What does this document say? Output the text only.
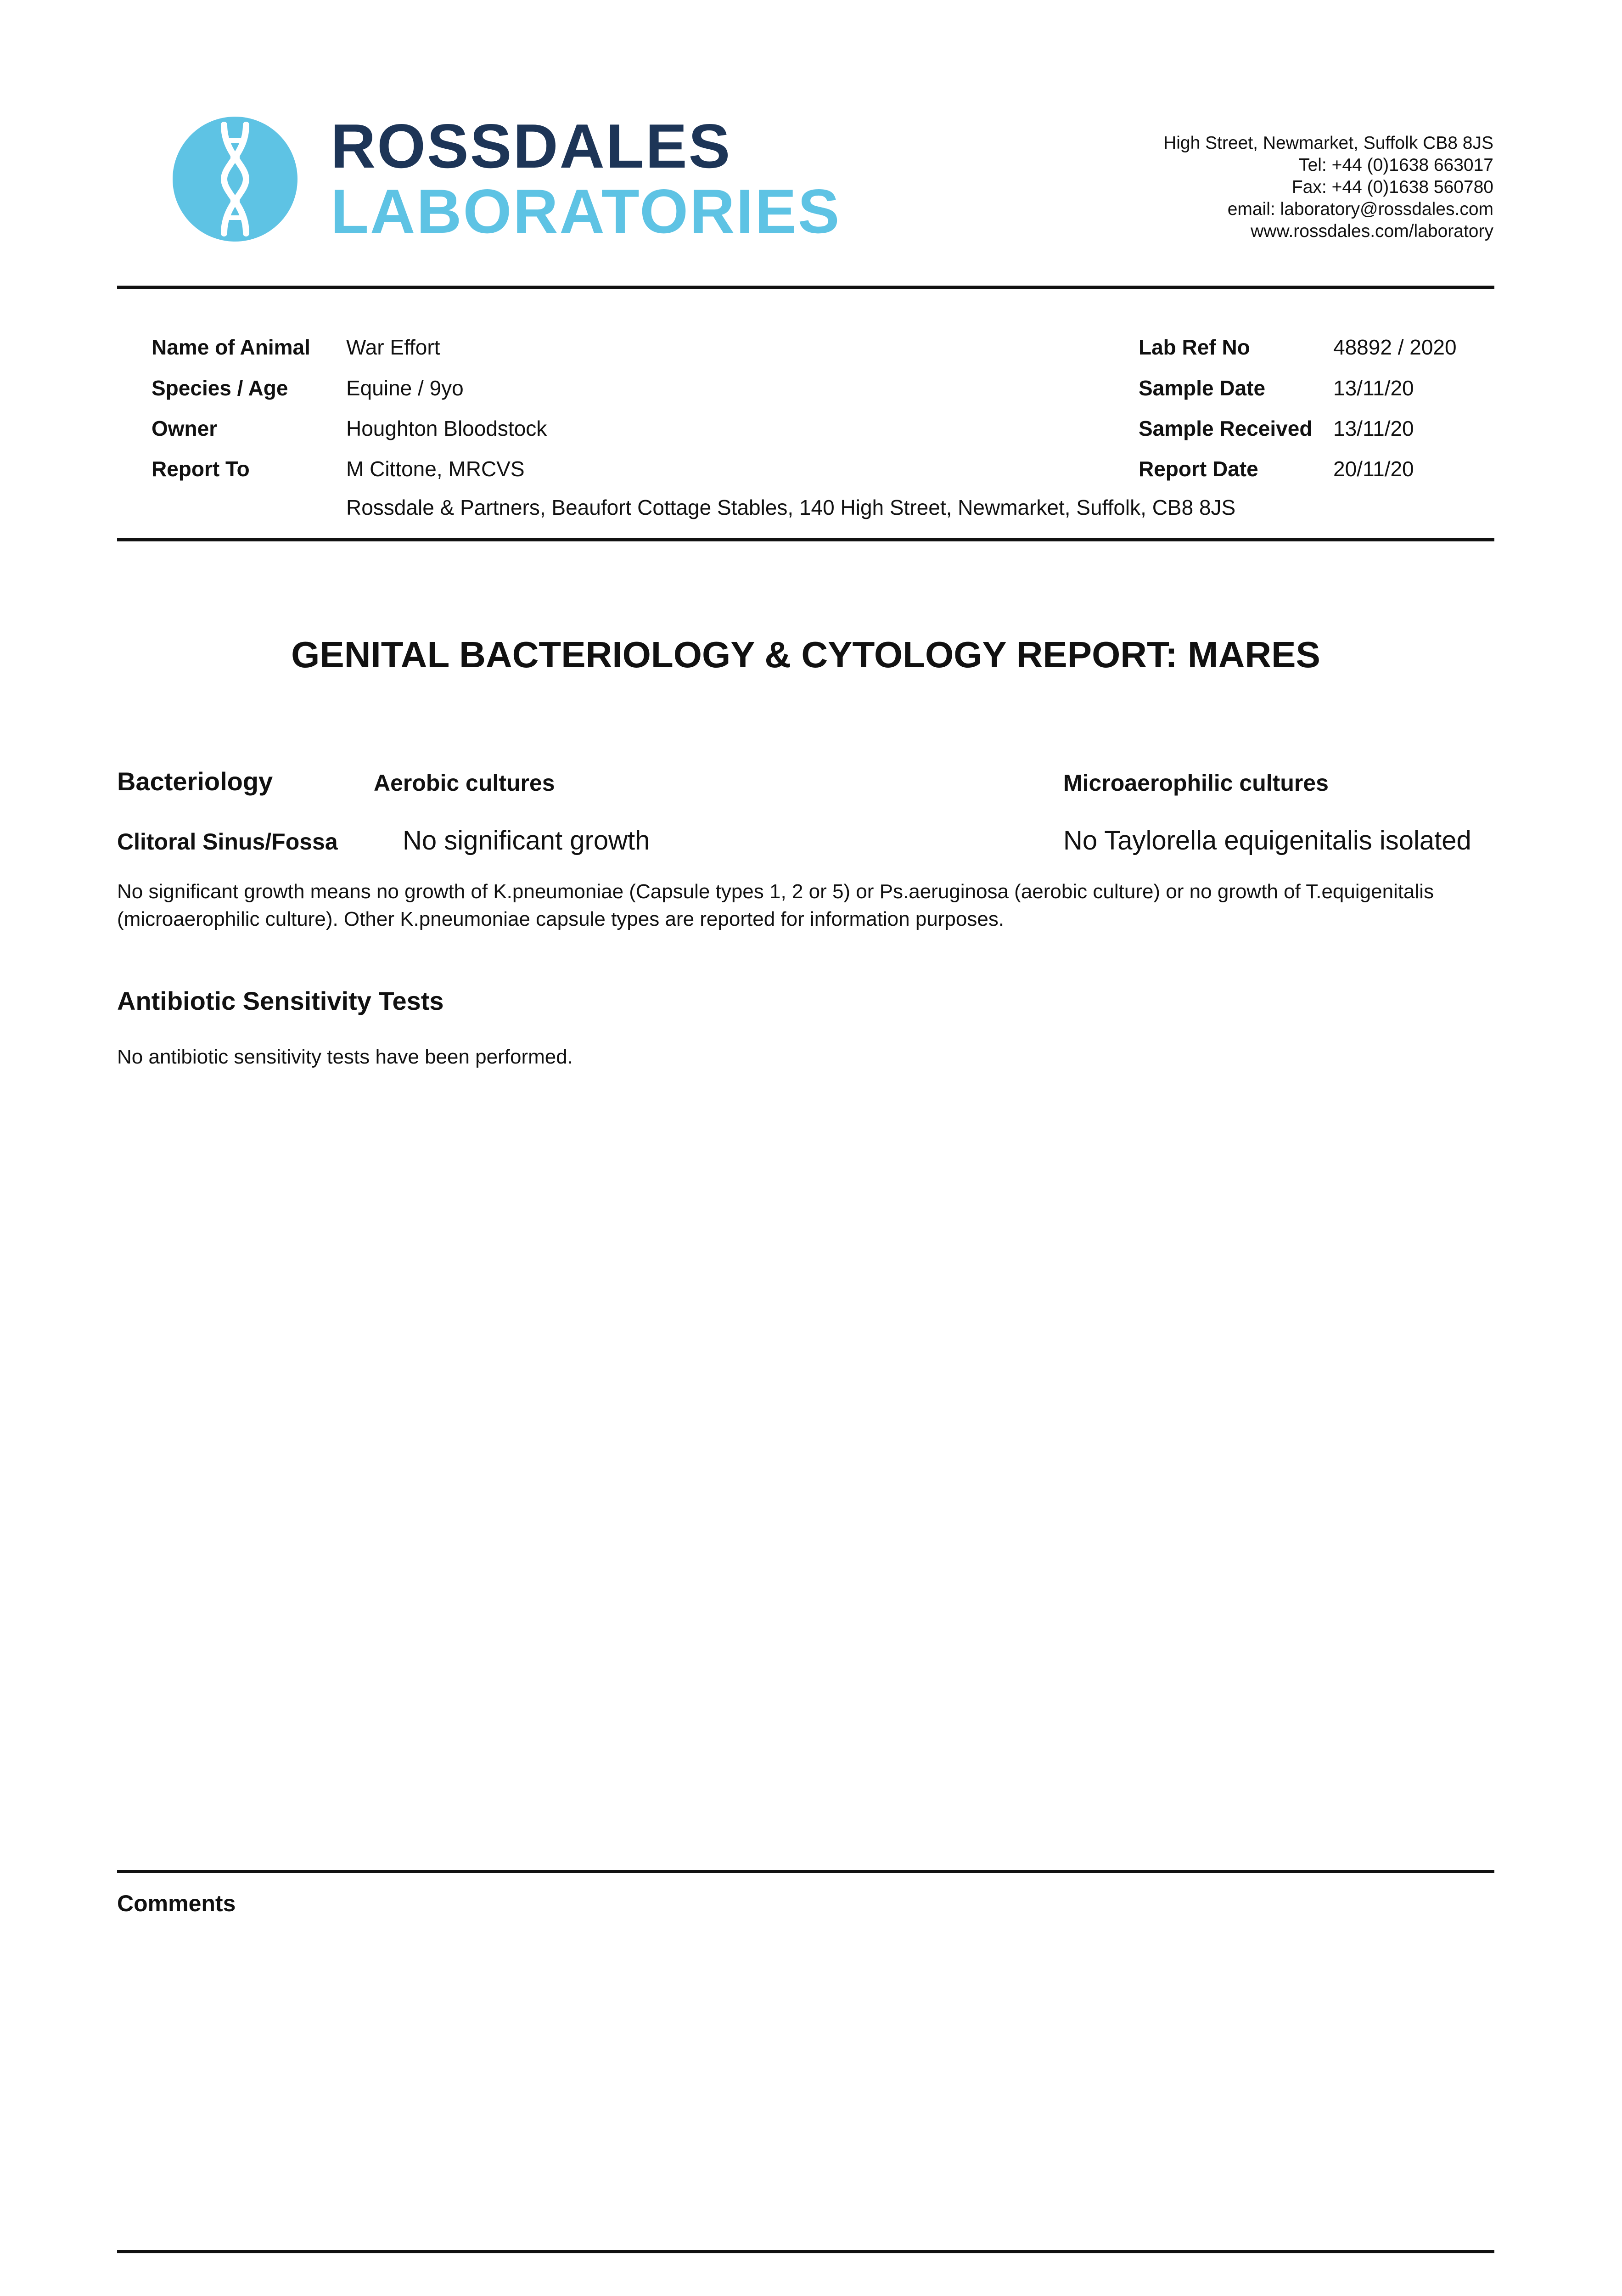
ROSSDALES
LABORATORIES
High Street, Newmarket, Suffolk CB8 8JS
Tel: +44 (0)1638 663017
Fax: +44 (0)1638 560780
email: laboratory@rossdales.com
www.rossdales.com/laboratory
Name of Animal War Effort
Species / Age	Equine / 9yo
Owner	Houghton Bloodstock
Report To	M Cittone, MRCVS
Rossdale & Partners, Beaufort Cottage Stables, 140 High Street, Newmarket, Suffolk, CB8 8JS
Lab Ref No	48892 / 2020
Sample Date	13/11/20
Sample Received 13/11/20
Report Date	20/11/20
GENITAL BACTERIOLOGY & CYTOLOGY REPORT: MARES
Bacteriology	Aerobic cultures	Microaerophilic cultures
Clitoral Sinus/Fossa No significant growth	No Taylorella equigenitalis isolated
No significant growth means no growth of K.pneumoniae (Capsule types 1, 2 or 5) or Ps.aeruginosa (aerobic culture) or no growth of T.equigenitalis (microaerophilic culture). Other K.pneumoniae capsule types are reported for information purposes.
Antibiotic Sensitivity Tests
No antibiotic sensitivity tests have been performed.
Comments
